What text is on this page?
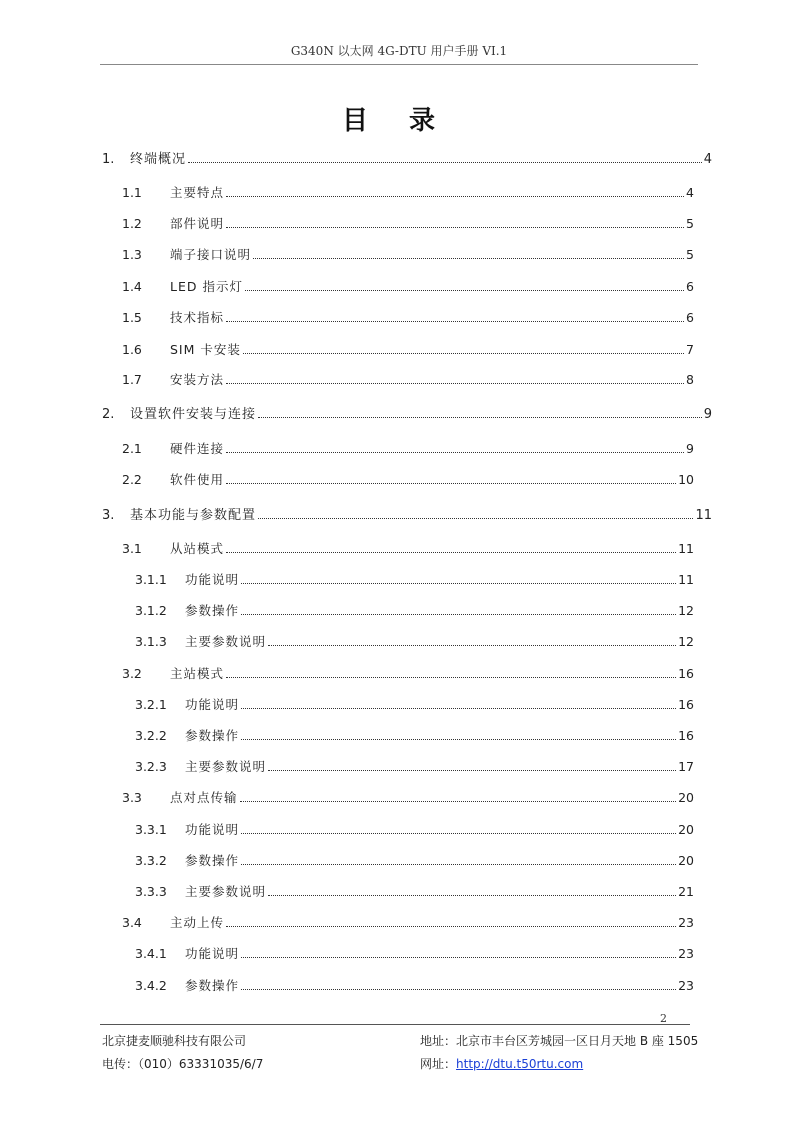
G340N 以太网 4G-DTU 用户手册 VI.1
目 录
1.	终端概况	4
1.1	主要特点	4
1.2	部件说明	5
1.3	端子接口说明	5
1.4	LED 指示灯	6
1.5	技术指标	6
1.6	SIM 卡安装	7
1.7	安装方法	8
2.	设置软件安装与连接	9
2.1	硬件连接	9
2.2	软件使用	10
3.	基本功能与参数配置	11
3.1	从站模式	11
3.1.1	功能说明	11
3.1.2	参数操作	12
3.1.3	主要参数说明	12
3.2	主站模式	16
3.2.1	功能说明	16
3.2.2	参数操作	16
3.2.3	主要参数说明	17
3.3	点对点传输	20
3.3.1	功能说明	20
3.3.2	参数操作	20
3.3.3	主要参数说明	21
3.4	主动上传	23
3.4.1	功能说明	23
3.4.2	参数操作	23
2
北京捷麦顺驰科技有限公司
电传：（010）63331035/6/7
地址：北京市丰台区芳城园一区日月天地 B 座 1505
网址：http://dtu.t50rtu.com
